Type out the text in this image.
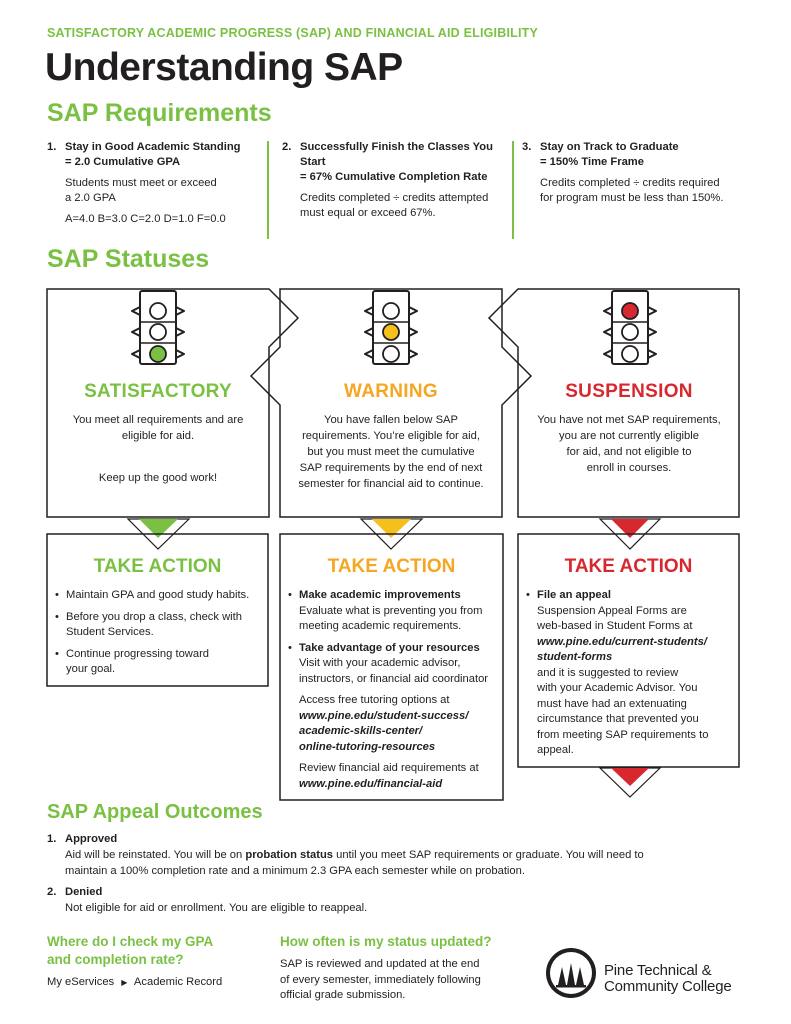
SATISFACTORY ACADEMIC PROGRESS (SAP) AND FINANCIAL AID ELIGIBILITY
Understanding SAP
SAP Requirements
1. Stay in Good Academic Standing
= 2.0 Cumulative GPA
Students must meet or exceed
a 2.0 GPA
A=4.0 B=3.0 C=2.0 D=1.0 F=0.0
2. Successfully Finish the Classes You Start
= 67% Cumulative Completion Rate
Credits completed ÷ credits attempted
must equal or exceed 67%.
3. Stay on Track to Graduate
= 150% Time Frame
Credits completed ÷ credits required
for program must be less than 150%.
SAP Statuses
SATISFACTORY
You meet all requirements and are
eligible for aid.
Keep up the good work!
WARNING
You have fallen below SAP
requirements. You’re eligible for aid,
but you must meet the cumulative
SAP requirements by the end of next
semester for financial aid to continue.
SUSPENSION
You have not met SAP requirements,
you are not currently eligible
for aid, and not eligible to
enroll in courses.
TAKE ACTION
• Maintain GPA and good study habits.
• Before you drop a class, check with
Student Services.
• Continue progressing toward
your goal.
TAKE ACTION
• Make academic improvements
Evaluate what is preventing you from
meeting academic requirements.
• Take advantage of your resources
Visit with your academic advisor,
instructors, or financial aid coordinator
Access free tutoring options at
www.pine.edu/student-success/
academic-skills-center/
online-tutoring-resources
Review financial aid requirements at
www.pine.edu/financial-aid
TAKE ACTION
• File an appeal
Suspension Appeal Forms are
web-based in Student Forms at
www.pine.edu/current-students/
student-forms
and it is suggested to review
with your Academic Advisor. You
must have had an extenuating
circumstance that prevented you
from meeting SAP requirements to
appeal.
SAP Appeal Outcomes
1. Approved
Aid will be reinstated. You will be on probation status until you meet SAP requirements or graduate. You will need to
maintain a 100% completion rate and a minimum 2.3 GPA each semester while on probation.
2. Denied
Not eligible for aid or enrollment. You are eligible to reappeal.
Where do I check my GPA
and completion rate?
My eServices ▶ Academic Record
How often is my status updated?
SAP is reviewed and updated at the end
of every semester, immediately following
official grade submission.
Pine Technical &
Community College
